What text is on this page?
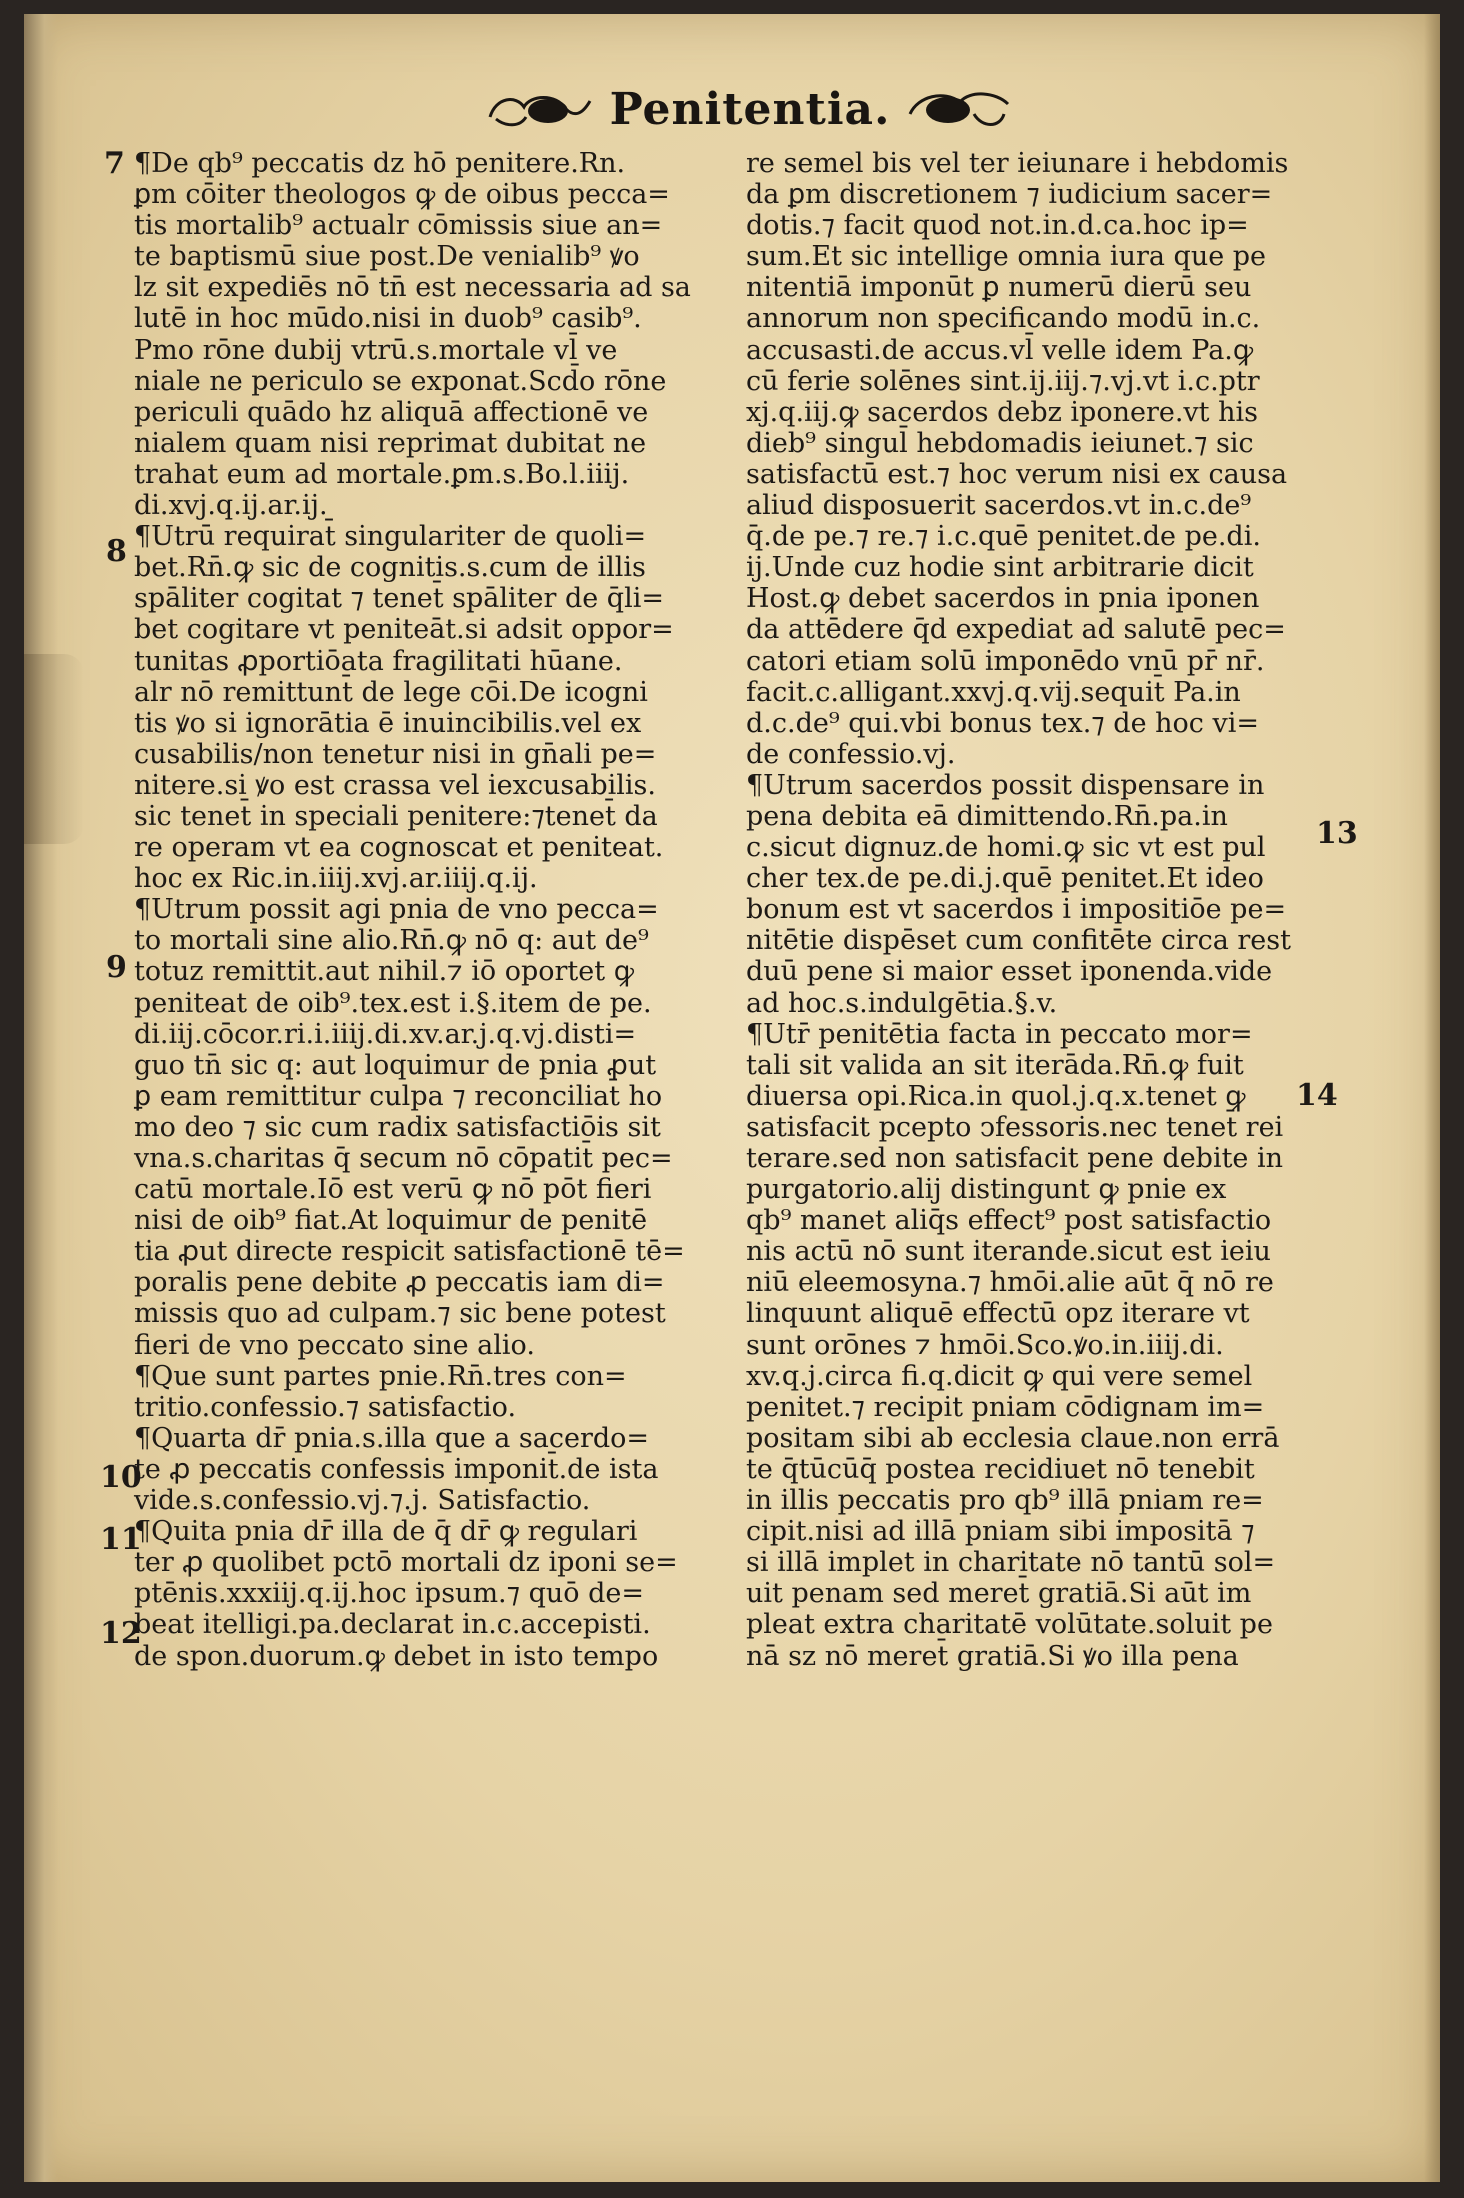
Penitentia.
¶De qb⁹ peccatis dz hō penitere.Rn.
ꝑm cōiter theologos ꝙ de oibus pecca=
tis mortalib⁹ actualr cōmissis siue an=
te baptismū siue post.De venialib⁹ ꝟo
lz sit expediēs nō tn̄ est necessaria ad sa
lutē in hoc mūdo.nisi in duob⁹ casib⁹.
Pmo rōne dubij vtrū.s.mortale vl̄ ve
niale ne periculo se exponat.Scd̄o rōne
periculi quādo hz aliquā affectionē ve
nialem quam nisi reprimat dubitat ne
trahat eum ad mortale.ꝑm.s.Bo.l.iiij.
di.xvj.q.ij.ar.ij.
¶Utrū requirat̄ singulariter de quoli=
bet.Rn̄.ꝙ sic de cognitis.s.cum de illis
spāliter cogitat ⁊ tenet̄ spāliter de q̄li=
bet cogitare vt peniteāt.si adsit oppor=
tunitas ꝓportiōata fragilitati hūane.
alr nō remittunt̄ de lege cōi.De icogni
tis ꝟo si ignorātia ē inuincibilis.vel ex
cusabilis/non tenetur nisi in gn̄ali pe=
nitere.si ꝟo est crassa vel iexcusabilis.
sic tenet̄ in speciali penitere:⁊tenet̄ da
re operam vt ea cognoscat et peniteat.
hoc ex Ric.in.iiij.xvj.ar.iiij.q.ij.
¶Utrum possit agi pnia de vno pecca=
to mortali sine alio.Rn̄.ꝙ nō q: aut de⁹
totuz remittit.aut nihil.⁊ iō oportet ꝙ
peniteat de oib⁹.tex.est i.§.item de pe.
di.iij.cōcor.ri.i.iiij.di.xv.ar.j.q.vj.disti=
guo tn̄ sic q: aut loquimur de pnia ꝓut
ꝑ eam remittitur culpa ⁊ reconciliat̄ ho
mo deo ⁊ sic cum radix satisfactiōis sit
vna.s.charitas q̄ secum nō cōpatit̄ pec=
catū mortale.Iō est verū ꝙ nō pōt fieri
nisi de oib⁹ fiat.At loquimur de penitē
tia ꝓut directe respicit satisfactionē tē=
poralis pene debite ꝓ peccatis iam di=
missis quo ad culpam.⁊ sic bene potest
fieri de vno peccato sine alio.
¶Que sunt partes pnie.Rn̄.tres con=
tritio.confessio.⁊ satisfactio.
¶Quarta dr̄ pnia.s.illa que a sacerdo=
te ꝓ peccatis confessis imponit̄.de ista
vide.s.confessio.vj.⁊.j. Satisfactio.
¶Quita pnia dr̄ illa de q̄ dr̄ ꝙ regulari
ter ꝓ quolibet pctō mortali dz iponi se=
ptēnis.xxxiij.q.ij.hoc ipsum.⁊ quō de=
beat itelligi.pa.declarat in.c.accepisti.
de spon.duorum.ꝙ debet in isto tempo
re semel bis vel ter ieiunare i hebdomis
da ꝑm discretionem ⁊ iudicium sacer=
dotis.⁊ facit quod not.in.d.ca.hoc ip=
sum.Et sic intellige omnia iura que pe
nitentiā imponūt ꝑ numerū dierū seu
annorum non specificando modū in.c.
accusasti.de accus.vl̄ velle idem Pa.ꝙ
cū ferie solēnes sint.ij.iij.⁊.vj.vt i.c.ptr
xj.q.iij.ꝙ sacerdos debz iponere.vt his
dieb⁹ singul̄ hebdomadis ieiunet.⁊ sic
satisfactū est.⁊ hoc verum nisi ex causa
aliud disposuerit sacerdos.vt in.c.de⁹
q̄.de pe.⁊ re.⁊ i.c.quē penitet.de pe.di.
ij.Unde cuz hodie sint arbitrarie dicit
Host.ꝙ debet sacerdos in pnia iponen
da attēdere q̄d expediat ad salutē pec=
catori etiam solū imponēdo vnū pr̄ nr̄.
facit.c.alligant.xxvj.q.vij.sequit̄ Pa.in
d.c.de⁹ qui.vbi bonus tex.⁊ de hoc vi=
de confessio.vj.
¶Utrum sacerdos possit dispensare in
pena debita eā dimittendo.Rn̄.pa.in
c.sicut dignuz.de homi.ꝙ sic vt est pul
cher tex.de pe.di.j.quē penitet.Et ideo
bonum est vt sacerdos i impositiōe pe=
nitētie dispēset cum confitēte circa rest
duū pene si maior esset iponenda.vide
ad hoc.s.indulgētia.§.v.
¶Utr̄ penitētia facta in peccato mor=
tali sit valida an sit iterāda.Rn̄.ꝙ fuit
diuersa opi.Rica.in quol.j.q.x.tenet ꝙ
satisfacit pcepto ↄfessoris.nec tenet̄ rei
terare.sed non satisfacit pene debite in
purgatorio.alij distingunt ꝙ pnie ex
qb⁹ manet aliq̄s effect⁹ post satisfactio
nis actū nō sunt iterande.sicut est ieiu
niū eleemosyna.⁊ hmōi.alie aūt q̄ nō re
linquunt aliquē effectū opz iterare vt
sunt orōnes ⁊ hmōi.Sco.ꝟo.in.iiij.di.
xv.q.j.circa fi.q.dicit ꝙ qui vere semel
penitet.⁊ recipit pniam cōdignam im=
positam sibi ab ecclesia claue.non errā
te q̄tūcūq̄ postea recidiuet nō tenebit
in illis peccatis pro qb⁹ illā pniam re=
cipit.nisi ad illā pniam sibi impositā ⁊
si illā implet in charitate nō tantū sol=
uit penam sed meret̄ gratiā.Si aūt im
pleat extra charitatē volūtate.soluit pe
nā sz nō meret̄ gratiā.Si ꝟo illa pena
7
8
9
10
11
12
13
14
